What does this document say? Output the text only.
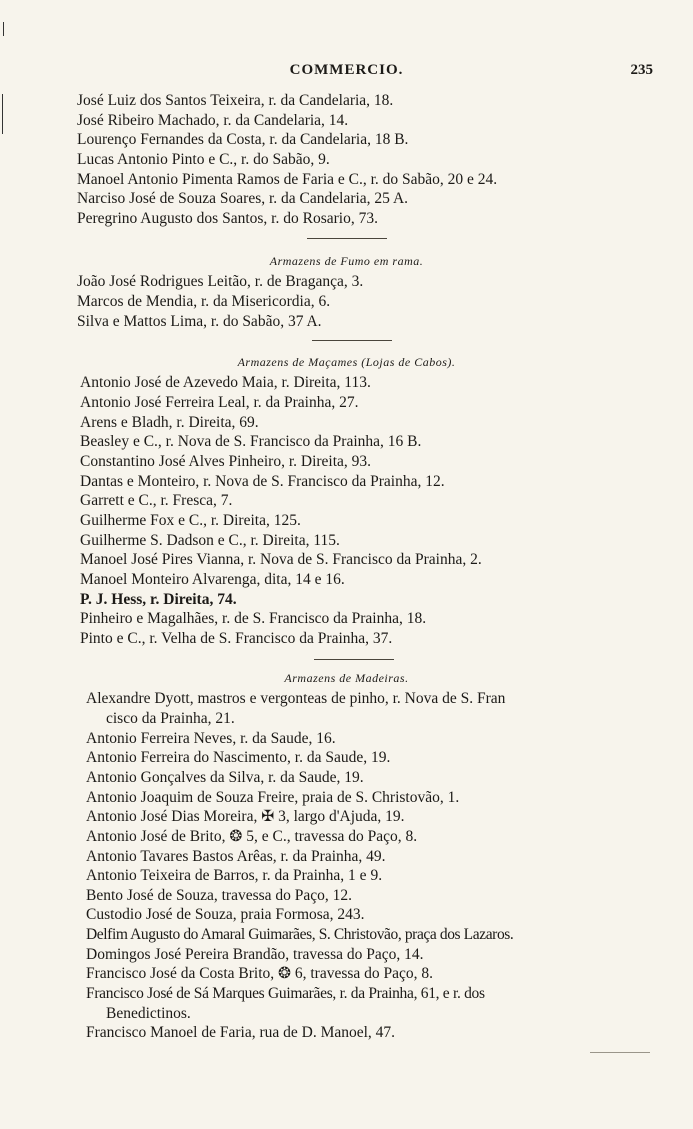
COMMERCIO.	235
José Luiz dos Santos Teixeira, r. da Candelaria, 18.
José Ribeiro Machado, r. da Candelaria, 14.
Lourenço Fernandes da Costa, r. da Candelaria, 18 B.
Lucas Antonio Pinto e C., r. do Sabão, 9.
Manoel Antonio Pimenta Ramos de Faria e C., r. do Sabão, 20 e 24.
Narciso José de Souza Soares, r. da Candelaria, 25 A.
Peregrino Augusto dos Santos, r. do Rosario, 73.
Armazens de Fumo em rama.
João José Rodrigues Leitão, r. de Bragança, 3.
Marcos de Mendia, r. da Misericordia, 6.
Silva e Mattos Lima, r. do Sabão, 37 A.
Armazens de Maçames (Lojas de Cabos).
Antonio José de Azevedo Maia, r. Direita, 113.
Antonio José Ferreira Leal, r. da Prainha, 27.
Arens e Bladh, r. Direita, 69.
Beasley e C., r. Nova de S. Francisco da Prainha, 16 B.
Constantino José Alves Pinheiro, r. Direita, 93.
Dantas e Monteiro, r. Nova de S. Francisco da Prainha, 12.
Garrett e C., r. Fresca, 7.
Guilherme Fox e C., r. Direita, 125.
Guilherme S. Dadson e C., r. Direita, 115.
Manoel José Pires Vianna, r. Nova de S. Francisco da Prainha, 2.
Manoel Monteiro Alvarenga, dita, 14 e 16.
P. J. Hess, r. Direita, 74.
Pinheiro e Magalhães, r. de S. Francisco da Prainha, 18.
Pinto e C., r. Velha de S. Francisco da Prainha, 37.
Armazens de Madeiras.
Alexandre Dyott, mastros e vergonteas de pinho, r. Nova de S. Fran
cisco da Prainha, 21.
Antonio Ferreira Neves, r. da Saude, 16.
Antonio Ferreira do Nascimento, r. da Saude, 19.
Antonio Gonçalves da Silva, r. da Saude, 19.
Antonio Joaquim de Souza Freire, praia de S. Christovão, 1.
Antonio José Dias Moreira, ✠ 3, largo d'Ajuda, 19.
Antonio José de Brito, ❂ 5, e C., travessa do Paço, 8.
Antonio Tavares Bastos Arêas, r. da Prainha, 49.
Antonio Teixeira de Barros, r. da Prainha, 1 e 9.
Bento José de Souza, travessa do Paço, 12.
Custodio José de Souza, praia Formosa, 243.
Delfim Augusto do Amaral Guimarães, S. Christovão, praça dos Lazaros.
Domingos José Pereira Brandão, travessa do Paço, 14.
Francisco José da Costa Brito, ❂ 6, travessa do Paço, 8.
Francisco José de Sá Marques Guimarães, r. da Prainha, 61, e r. dos
Benedictinos.
Francisco Manoel de Faria, rua de D. Manoel, 47.
